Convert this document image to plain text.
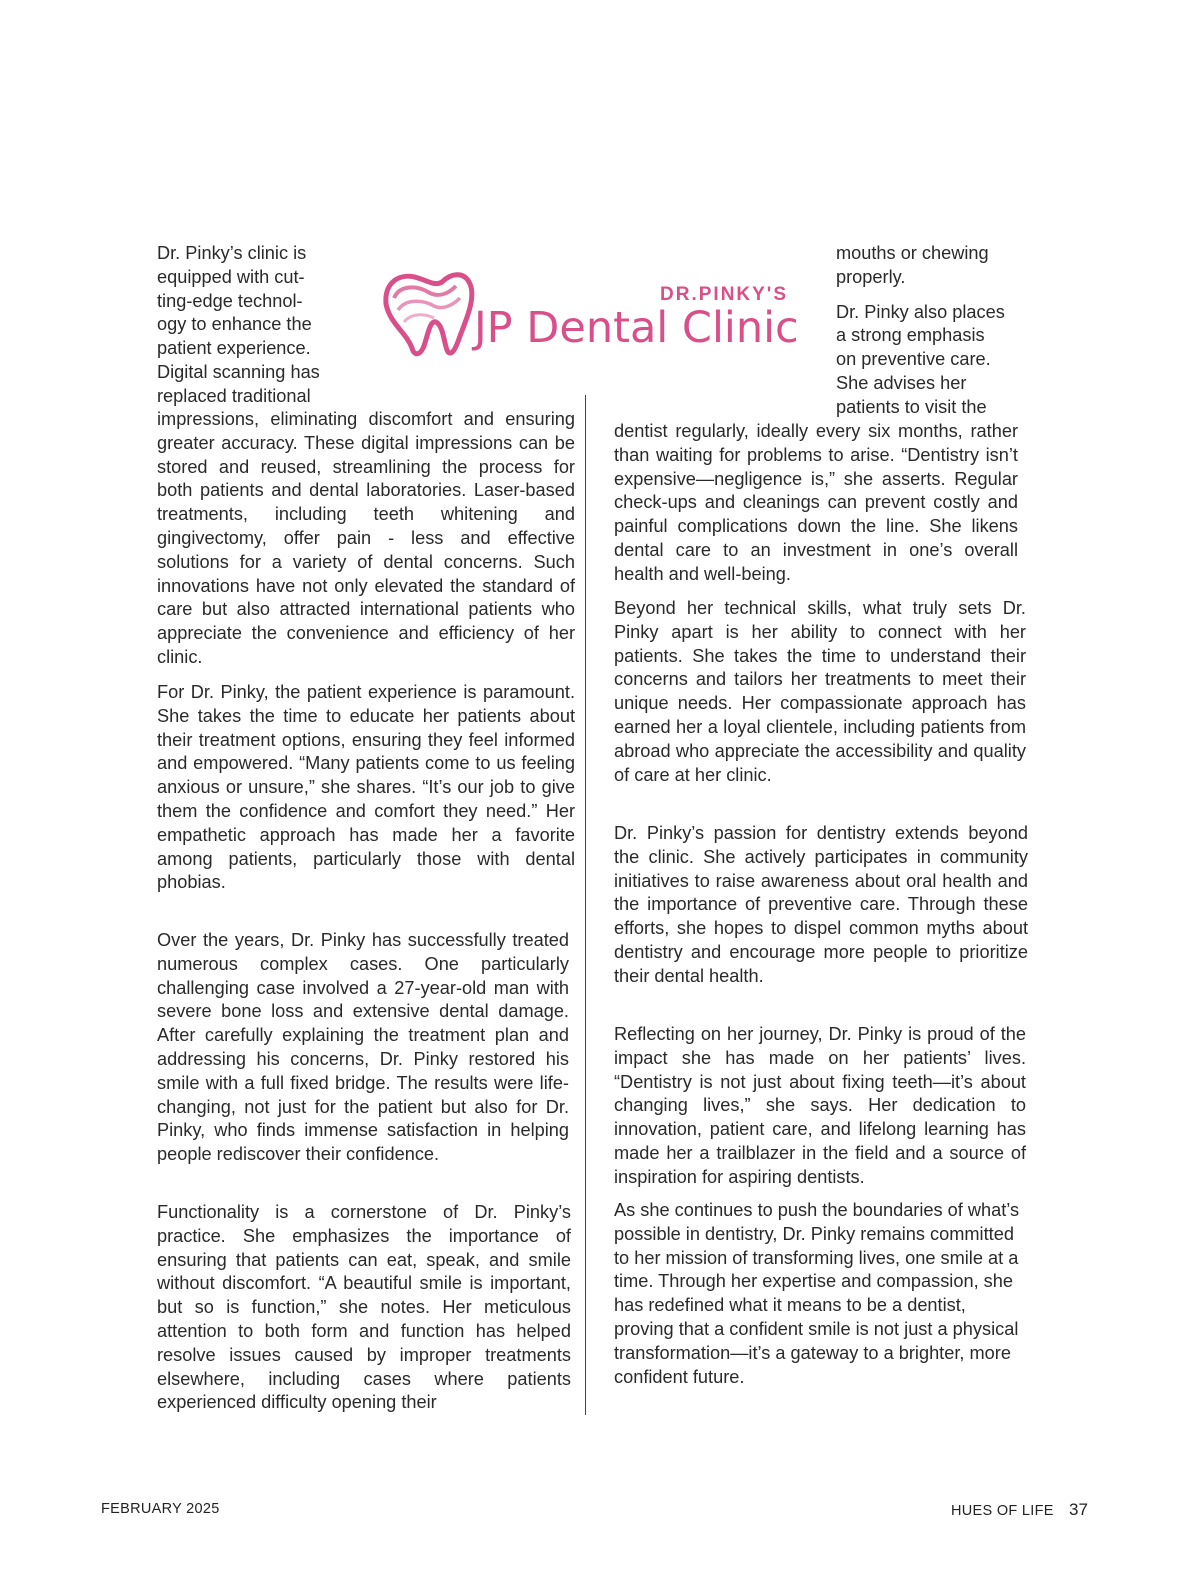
DR.PINKY'S
JP Dental Clinic
Dr. Pinky’s clinic is
equipped with cut-
ting-edge technol-
ogy to enhance the
patient experience.
Digital scanning has
replaced traditional

impressions, eliminating discomfort and ensuring greater accuracy. These digital impressions can be stored and reused, streamlining the process for both patients and dental laboratories. Laser-based treatments, including teeth whitening and gingivectomy, offer pain - less and effective solutions for a variety of dental concerns. Such innovations have not only elevated the standard of care but also attracted international patients who appreciate the convenience and efficiency of her clinic.

For Dr. Pinky, the patient experience is paramount. She takes the time to educate her patients about their treatment options, ensuring they feel informed and empowered. “Many patients come to us feeling anxious or unsure,” she shares. “It’s our job to give them the confidence and comfort they need.” Her empathetic approach has made her a favorite among patients, particularly those with dental phobias.

Over the years, Dr. Pinky has successfully treated numerous complex cases. One particularly challenging case involved a 27-year-old man with severe bone loss and extensive dental damage. After carefully explaining the treatment plan and addressing his concerns, Dr. Pinky restored his smile with a full fixed bridge. The results were life-changing, not just for the patient but also for Dr. Pinky, who finds immense satisfaction in helping people rediscover their confidence.

Functionality is a cornerstone of Dr. Pinky’s practice. She emphasizes the importance of ensuring that patients can eat, speak, and smile without discomfort. “A beautiful smile is important, but so is function,” she notes. Her meticulous attention to both form and function has helped resolve issues caused by improper treatments elsewhere, including cases where patients experienced difficulty opening their

mouths or chewing
properly.
Dr. Pinky also places
a strong emphasis
on preventive care.
She advises her
patients to visit the

dentist regularly, ideally every six months, rather than waiting for problems to arise. “Dentistry isn’t expensive—negligence is,” she asserts. Regular check-ups and cleanings can prevent costly and painful complications down the line. She likens dental care to an investment in one’s overall health and well-being.

Beyond her technical skills, what truly sets Dr. Pinky apart is her ability to connect with her patients. She takes the time to understand their concerns and tailors her treatments to meet their unique needs. Her compassionate approach has earned her a loyal clientele, including patients from abroad who appreciate the accessibility and quality of care at her clinic.

Dr. Pinky’s passion for dentistry extends beyond the clinic. She actively participates in community initiatives to raise awareness about oral health and the importance of preventive care. Through these efforts, she hopes to dispel common myths about dentistry and encourage more people to prioritize their dental health.

Reflecting on her journey, Dr. Pinky is proud of the impact she has made on her patients’ lives. “Dentistry is not just about fixing teeth—it’s about changing lives,” she says. Her dedication to innovation, patient care, and lifelong learning has made her a trailblazer in the field and a source of inspiration for aspiring dentists.

As she continues to push the boundaries of what’s possible in dentistry, Dr. Pinky remains committed to her mission of transforming lives, one smile at a time. Through her expertise and compassion, she has redefined what it means to be a dentist, proving that a confident smile is not just a physical transformation—it’s a gateway to a brighter, more confident future.

FEBRUARY 2025	HUES OF LIFE 37
